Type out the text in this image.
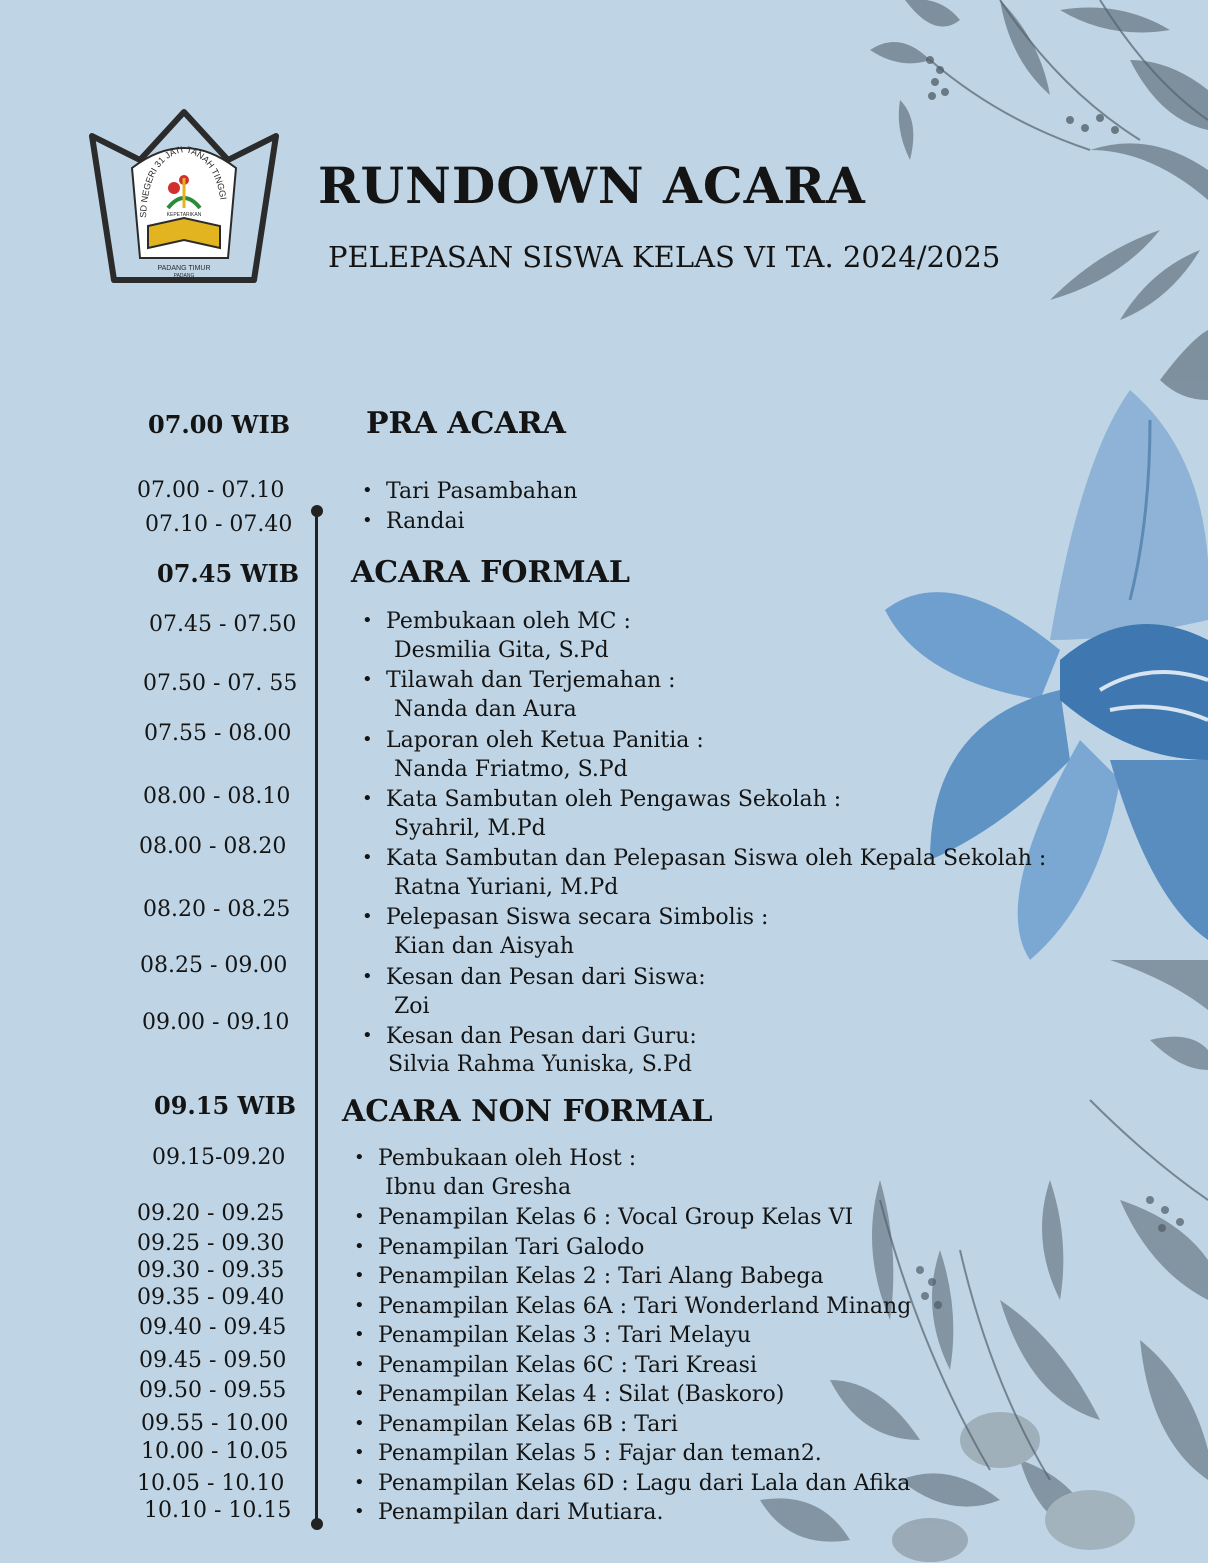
SD NEGERI 31 JATI TANAH TINGGI
KEPETARIKAN
PADANG TIMUR
PADANG
RUNDOWN ACARA
PELEPASAN SISWA KELAS VI TA. 2024/2025
07.00 WIB	PRA ACARA
07.00 - 07.10
07.10 - 07.40
• Tari Pasambahan
• Randai
07.45 WIB ACARA FORMAL
07.45 - 07.50
07.50 - 07. 55
07.55 - 08.00
08.00 - 08.10
08.00 - 08.20
08.20 - 08.25
08.25 - 09.00
09.00 - 09.10
• Pembukaan oleh MC :
Desmilia Gita, S.Pd
• Tilawah dan Terjemahan :
Nanda dan Aura
• Laporan oleh Ketua Panitia :
Nanda Friatmo, S.Pd
• Kata Sambutan oleh Pengawas Sekolah :
Syahril, M.Pd
• Kata Sambutan dan Pelepasan Siswa oleh Kepala Sekolah :
Ratna Yuriani, M.Pd
• Pelepasan Siswa secara Simbolis :
Kian dan Aisyah
• Kesan dan Pesan dari Siswa:
Zoi
• Kesan dan Pesan dari Guru:
Silvia Rahma Yuniska, S.Pd
09.15 WIB ACARA NON FORMAL
09.15-09.20
09.20 - 09.25
09.25 - 09.30
09.30 - 09.35
09.35 - 09.40
09.40 - 09.45
09.45 - 09.50
09.50 - 09.55
09.55 - 10.00
10.00 - 10.05
10.05 - 10.10
10.10 - 10.15
• Pembukaan oleh Host :
Ibnu dan Gresha
• Penampilan Kelas 6 : Vocal Group Kelas VI
• Penampilan Tari Galodo
• Penampilan Kelas 2 : Tari Alang Babega
• Penampilan Kelas 6A : Tari Wonderland Minang
• Penampilan Kelas 3 : Tari Melayu
• Penampilan Kelas 6C : Tari Kreasi
• Penampilan Kelas 4 : Silat (Baskoro)
• Penampilan Kelas 6B : Tari
• Penampilan Kelas 5 : Fajar dan teman2.
• Penampilan Kelas 6D : Lagu dari Lala dan Afika
• Penampilan dari Mutiara.
